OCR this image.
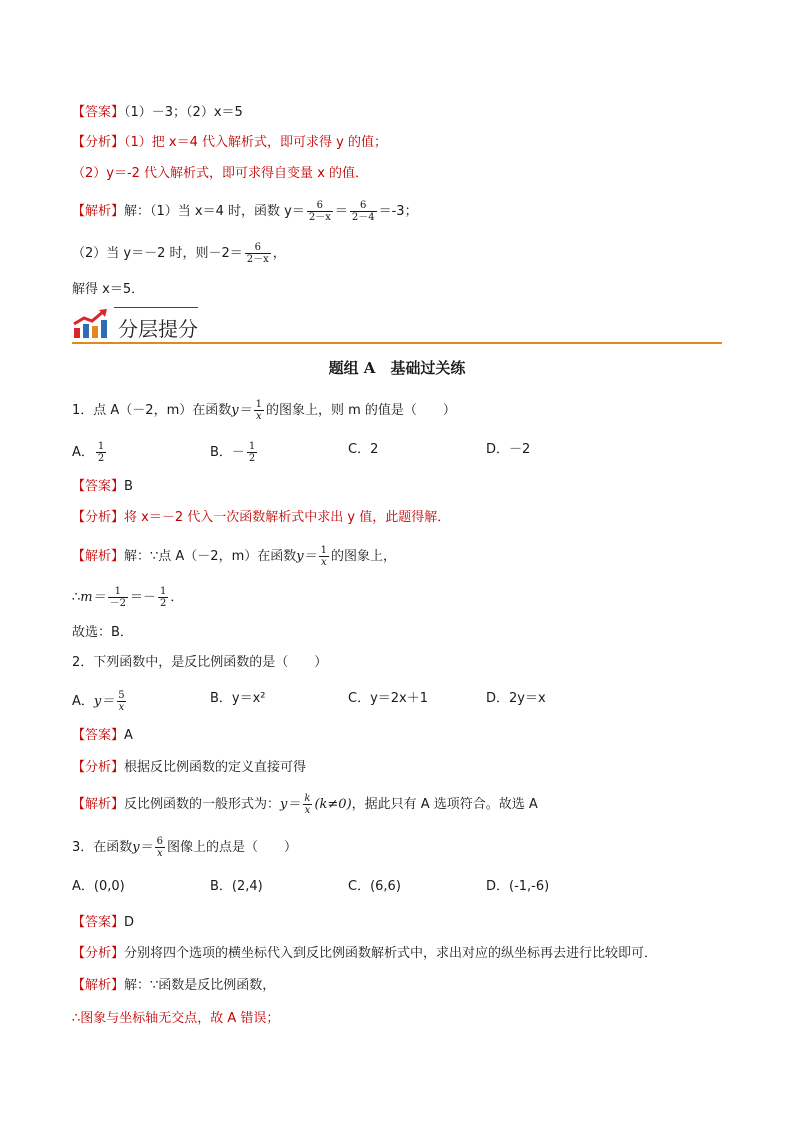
【答案】（1）－3；（2）x＝5
【分析】（1）把 x＝4 代入解析式，即可求得 y 的值；
（2）y＝-2 代入解析式，即可求得自变量 x 的值．
【解析】解：（1）当 x＝4 时，函数 $y= \frac{6}{2-x} = \frac{6}{2-4} =-3$；
（2）当 y＝－2 时，则$-2= \frac{6}{2-x}$ ，
解得 x＝5．
分层提分
题组 A　基础过关练
1．点 A（－2，m）在函数$y= \frac{1}{x}$ 的图象上，则 m 的值是（　　）
A． $\frac{1}{2}$	B．－ $\frac{1}{2}$	C．2	D．－2
【答案】B
【分析】将 x＝－2 代入一次函数解析式中求出 y 值，此题得解．
【解析】解：∵点 A（－2，m）在函数$y= \frac{1}{x}$ 的图象上，
∴m＝ $\frac{1}{-2} =- \frac{1}{2}$ ．
故选：B．
2．下列函数中，是反比例函数的是（　　）
A．$y= \frac{5}{x}$	B．y＝x²	C．y＝2x＋1	D．2y＝x
【答案】A
【分析】根据反比例函数的定义直接可得
【解析】反比例函数的一般形式为：$y= \frac{k}{x} (k\ne 0)$，据此只有 A 选项符合。故选 A
3．在函数$y= \frac{6}{x}$ 图像上的点是（　　）
A．(0,0)	B．(2,4)	C．(6,6)	D．(-1,-6)
【答案】D
【分析】分别将四个选项的横坐标代入到反比例函数解析式中，求出对应的纵坐标再去进行比较即可．
【解析】解：∵函数是反比例函数，
∴图象与坐标轴无交点，故 A 错误；
